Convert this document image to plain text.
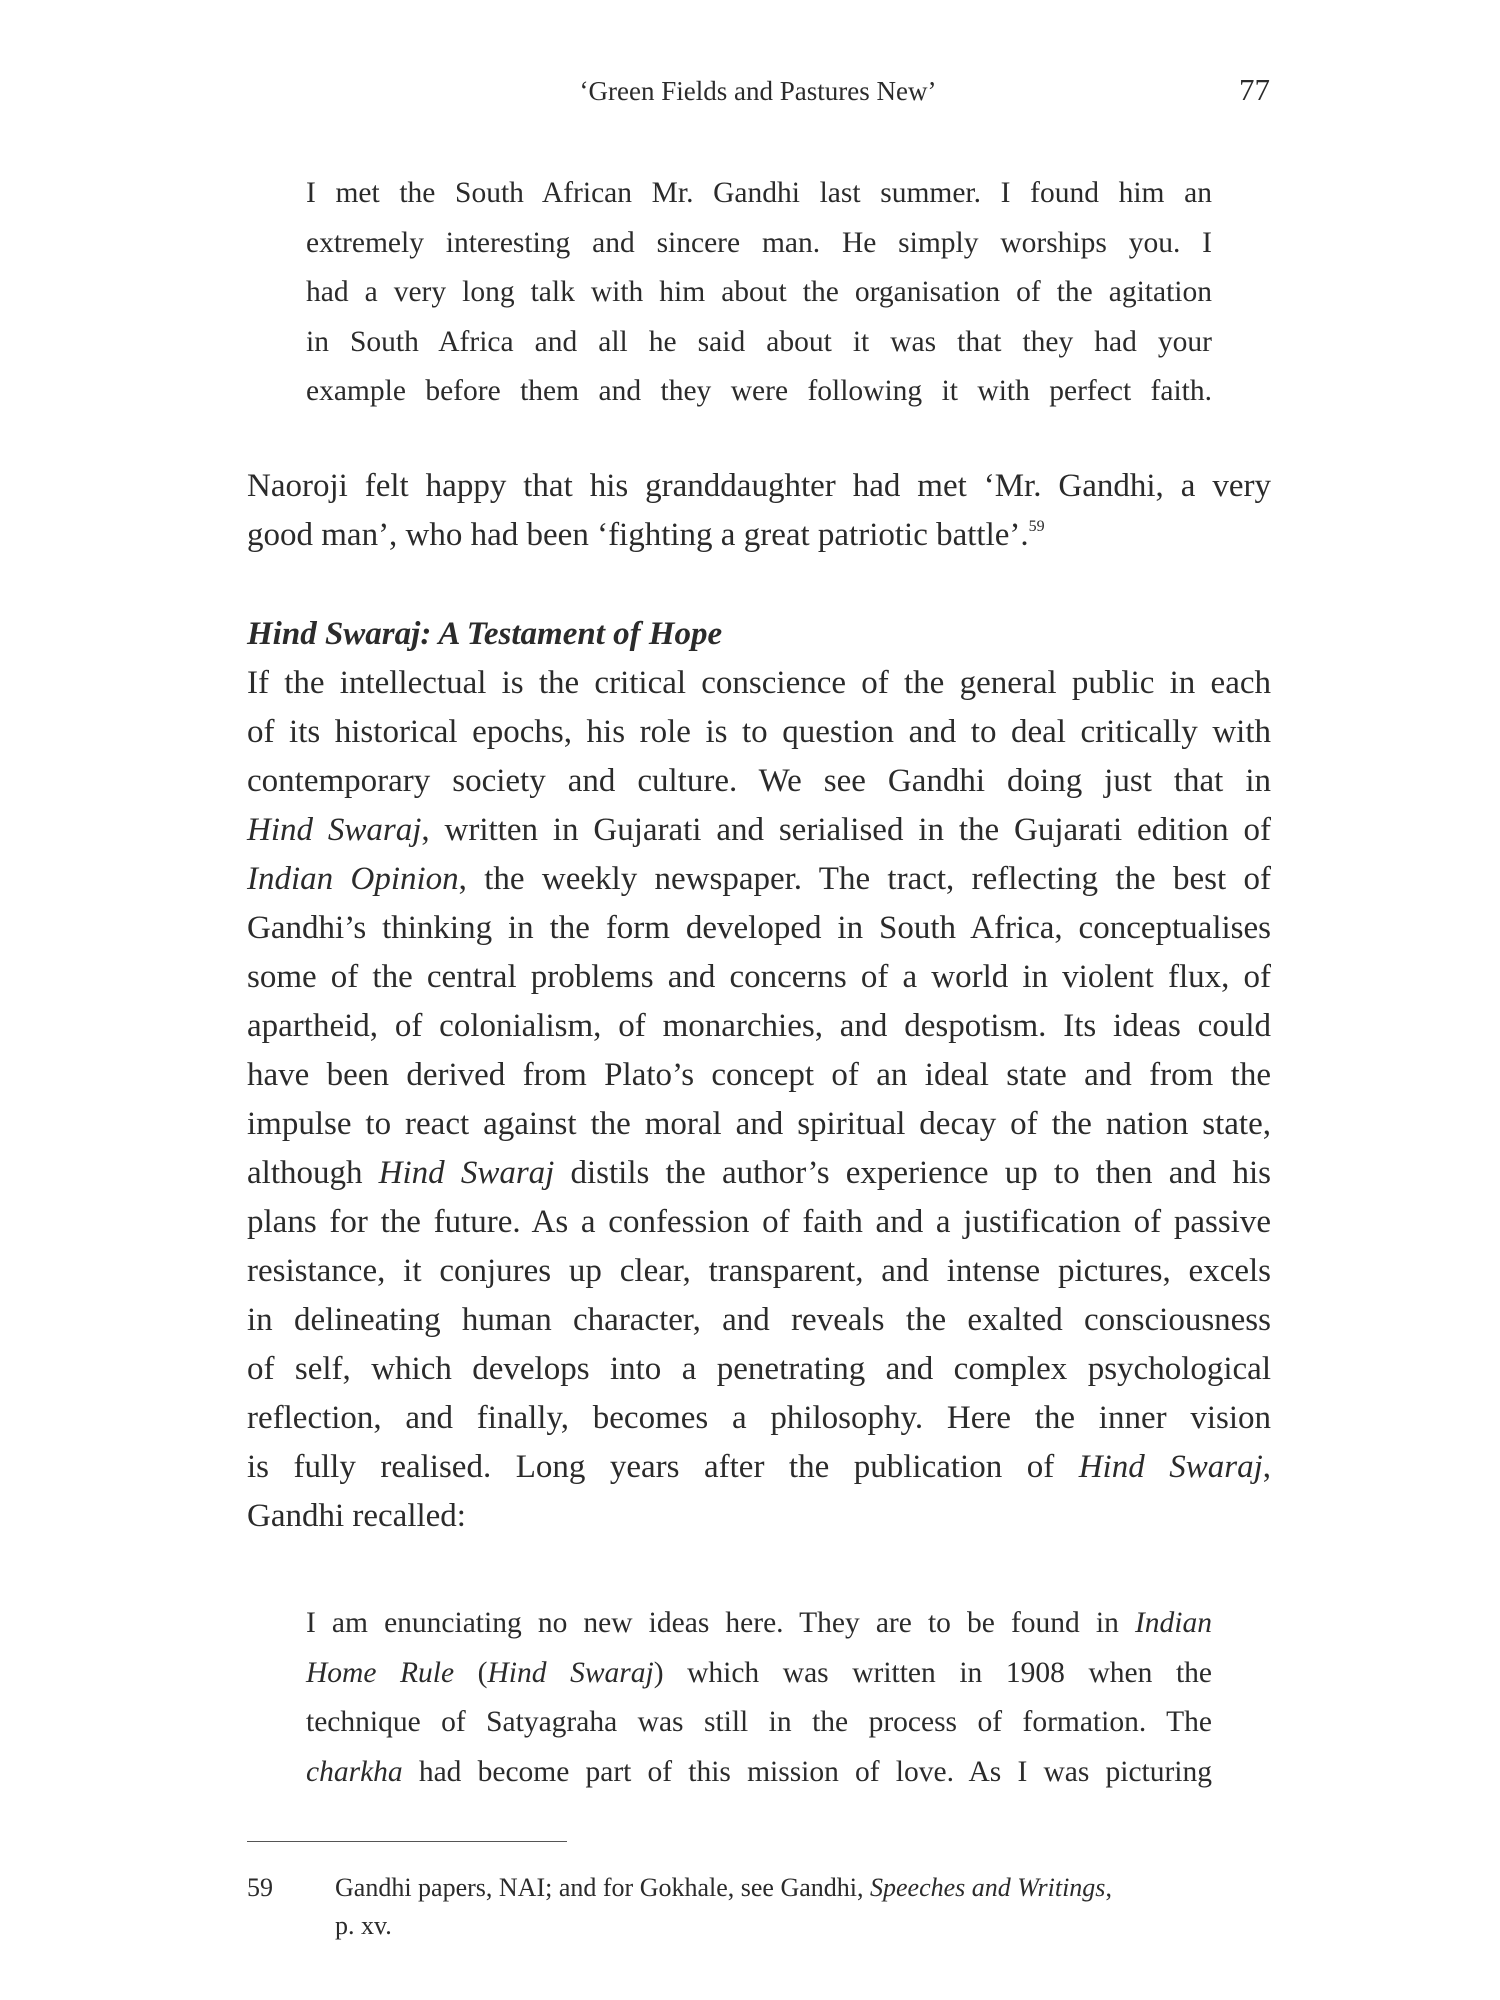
‘Green Fields and Pastures New’	77
I met the South African Mr. Gandhi last summer. I found him an
extremely interesting and sincere man. He simply worships you. I
had a very long talk with him about the organisation of the agitation
in South Africa and all he said about it was that they had your
example before them and they were following it with perfect faith.
Naoroji felt happy that his granddaughter had met ‘Mr. Gandhi, a very
good man’, who had been ‘fighting a great patriotic battle’.$^{59}$
Hind Swaraj: A Testament of Hope
If the intellectual is the critical conscience of the general public in each
of its historical epochs, his role is to question and to deal critically with
contemporary society and culture. We see Gandhi doing just that in
Hind Swaraj, written in Gujarati and serialised in the Gujarati edition of
Indian Opinion, the weekly newspaper. The tract, reflecting the best of
Gandhi’s thinking in the form developed in South Africa, conceptualises
some of the central problems and concerns of a world in violent flux, of
apartheid, of colonialism, of monarchies, and despotism. Its ideas could
have been derived from Plato’s concept of an ideal state and from the
impulse to react against the moral and spiritual decay of the nation state,
although Hind Swaraj distils the author’s experience up to then and his
plans for the future. As a confession of faith and a justification of passive
resistance, it conjures up clear, transparent, and intense pictures, excels
in delineating human character, and reveals the exalted consciousness
of self, which develops into a penetrating and complex psychological
reflection, and finally, becomes a philosophy. Here the inner vision
is fully realised. Long years after the publication of Hind Swaraj,
Gandhi recalled:
I am enunciating no new ideas here. They are to be found in Indian
Home Rule (Hind Swaraj) which was written in 1908 when the
technique of Satyagraha was still in the process of formation. The
charkha had become part of this mission of love. As I was picturing
59 Gandhi papers, NAI; and for Gokhale, see Gandhi, Speeches and Writings,
p. xv.
